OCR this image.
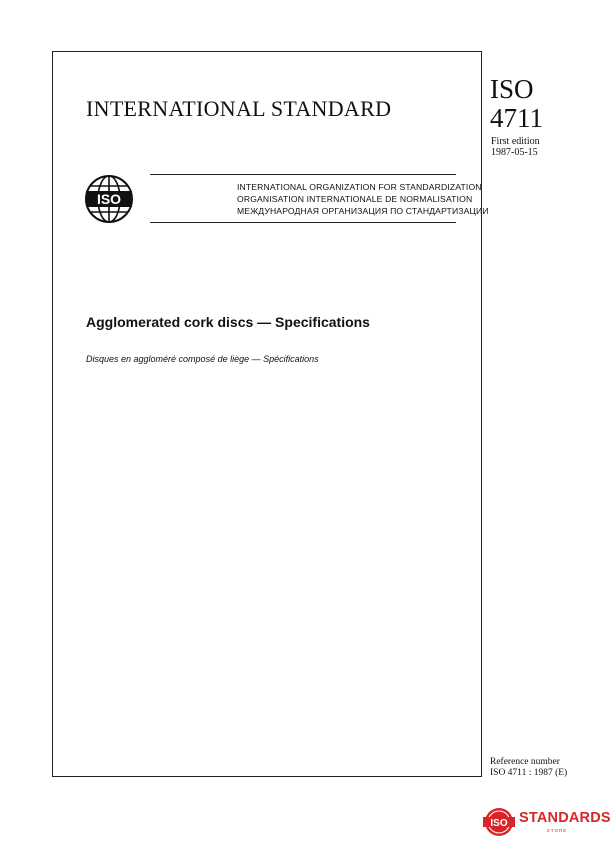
INTERNATIONAL STANDARD
ISO
4711
First edition
1987-05-15
ISO
INTERNATIONAL ORGANIZATION FOR STANDARDIZATION
ORGANISATION INTERNATIONALE DE NORMALISATION
МЕЖДУНАРОДНАЯ ОРГАНИЗАЦИЯ ПО СТАНДАРТИЗАЦИИ
Agglomerated cork discs — Specifications
Disques en aggloméré composé de liège — Spécifications
Reference number
ISO 4711 : 1987 (E)
ISO STANDARDS
STORE
